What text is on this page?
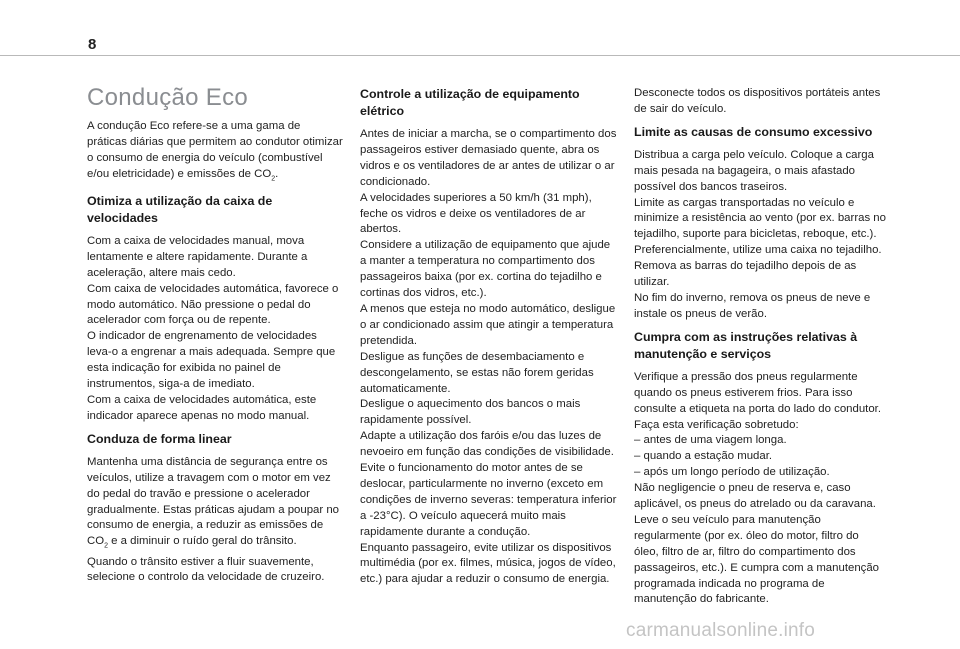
8
Condução Eco

A condução Eco refere-se a uma gama de práticas diárias que permitem ao condutor otimizar o consumo de energia do veículo (combustível e/ou eletricidade) e emissões de $CO_2$.

Otimiza a utilização da caixa de velocidades

Com a caixa de velocidades manual, mova lentamente e altere rapidamente. Durante a aceleração, altere mais cedo.
Com caixa de velocidades automática, favorece o modo automático. Não pressione o pedal do acelerador com força ou de repente.
O indicador de engrenamento de velocidades leva-o a engrenar a mais adequada. Sempre que esta indicação for exibida no painel de instrumentos, siga-a de imediato.
Com a caixa de velocidades automática, este indicador aparece apenas no modo manual.

Conduza de forma linear

Mantenha uma distância de segurança entre os veículos, utilize a travagem com o motor em vez do pedal do travão e pressione o acelerador gradualmente. Estas práticas ajudam a poupar no consumo de energia, a reduzir as emissões de $CO_2$ e a diminuir o ruído geral do trânsito.
Quando o trânsito estiver a fluir suavemente, selecione o controlo da velocidade de cruzeiro.

Controle a utilização de equipamento elétrico

Antes de iniciar a marcha, se o compartimento dos passageiros estiver demasiado quente, abra os vidros e os ventiladores de ar antes de utilizar o ar condicionado.
A velocidades superiores a 50 km/h (31 mph), feche os vidros e deixe os ventiladores de ar abertos.
Considere a utilização de equipamento que ajude a manter a temperatura no compartimento dos passageiros baixa (por ex. cortina do tejadilho e cortinas dos vidros, etc.).
A menos que esteja no modo automático, desligue o ar condicionado assim que atingir a temperatura pretendida.
Desligue as funções de desembaciamento e descongelamento, se estas não forem geridas automaticamente.
Desligue o aquecimento dos bancos o mais rapidamente possível.
Adapte a utilização dos faróis e/ou das luzes de nevoeiro em função das condições de visibilidade.
Evite o funcionamento do motor antes de se deslocar, particularmente no inverno (exceto em condições de inverno severas: temperatura inferior a -23°C). O veículo aquecerá muito mais rapidamente durante a condução.
Enquanto passageiro, evite utilizar os dispositivos multimédia (por ex. filmes, música, jogos de vídeo, etc.) para ajudar a reduzir o consumo de energia.

Desconecte todos os dispositivos portáteis antes de sair do veículo.

Limite as causas de consumo excessivo

Distribua a carga pelo veículo. Coloque a carga mais pesada na bagageira, o mais afastado possível dos bancos traseiros.
Limite as cargas transportadas no veículo e minimize a resistência ao vento (por ex. barras no tejadilho, suporte para bicicletas, reboque, etc.). Preferencialmente, utilize uma caixa no tejadilho.
Remova as barras do tejadilho depois de as utilizar.
No fim do inverno, remova os pneus de neve e instale os pneus de verão.

Cumpra com as instruções relativas à manutenção e serviços

Verifique a pressão dos pneus regularmente quando os pneus estiverem frios. Para isso consulte a etiqueta na porta do lado do condutor.
Faça esta verificação sobretudo:
– antes de uma viagem longa.
– quando a estação mudar.
– após um longo período de utilização.
Não negligencie o pneu de reserva e, caso aplicável, os pneus do atrelado ou da caravana.
Leve o seu veículo para manutenção regularmente (por ex. óleo do motor, filtro do óleo, filtro de ar, filtro do compartimento dos passageiros, etc.). E cumpra com a manutenção programada indicada no programa de manutenção do fabricante.

carmanualsonline.info
